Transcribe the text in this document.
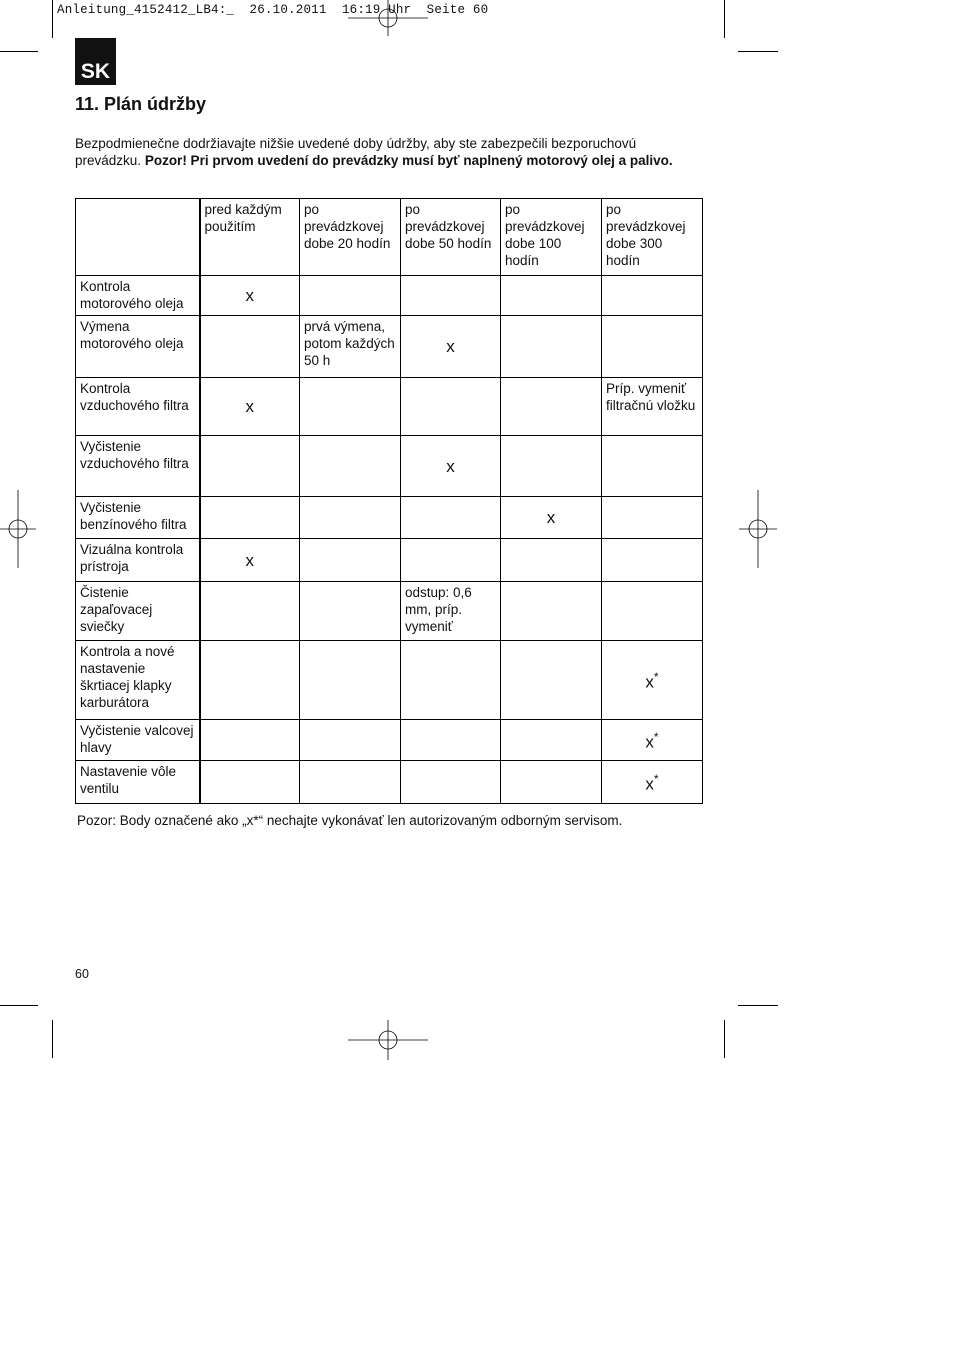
Anleitung_4152412_LB4:_  26.10.2011  16:19 Uhr  Seite 60
SK
11. Plán údržby
Bezpodmienečne dodržiavajte nižšie uvedené doby údržby, aby ste zabezpečili bezporuchovú prevádzku. Pozor! Pri prvom uvedení do prevádzky musí byť naplnený motorový olej a palivo.
	pred každým použitím	po prevádzkovej dobe 20 hodín	po prevádzkovej dobe 50 hodín	po prevádzkovej dobe 100 hodín	po prevádzkovej dobe 300 hodín
Kontrola motorového oleja	x				
Výmena motorového oleja		prvá výmena, potom každých 50 h	x		
Kontrola vzduchového filtra	x				Príp. vymeniť filtračnú vložku
Vyčistenie vzduchového filtra			x		
Vyčistenie benzínového filtra				x	
Vizuálna kontrola prístroja	x				
Čistenie zapaľovacej sviečky			odstup: 0,6 mm, príp. vymeniť		
Kontrola a nové nastavenie škrtiacej klapky karburátora					x*
Vyčistenie valcovej hlavy					x*
Nastavenie vôle ventilu					x*
Pozor: Body označené ako „x*“ nechajte vykonávať len autorizovaným odborným servisom.
60
